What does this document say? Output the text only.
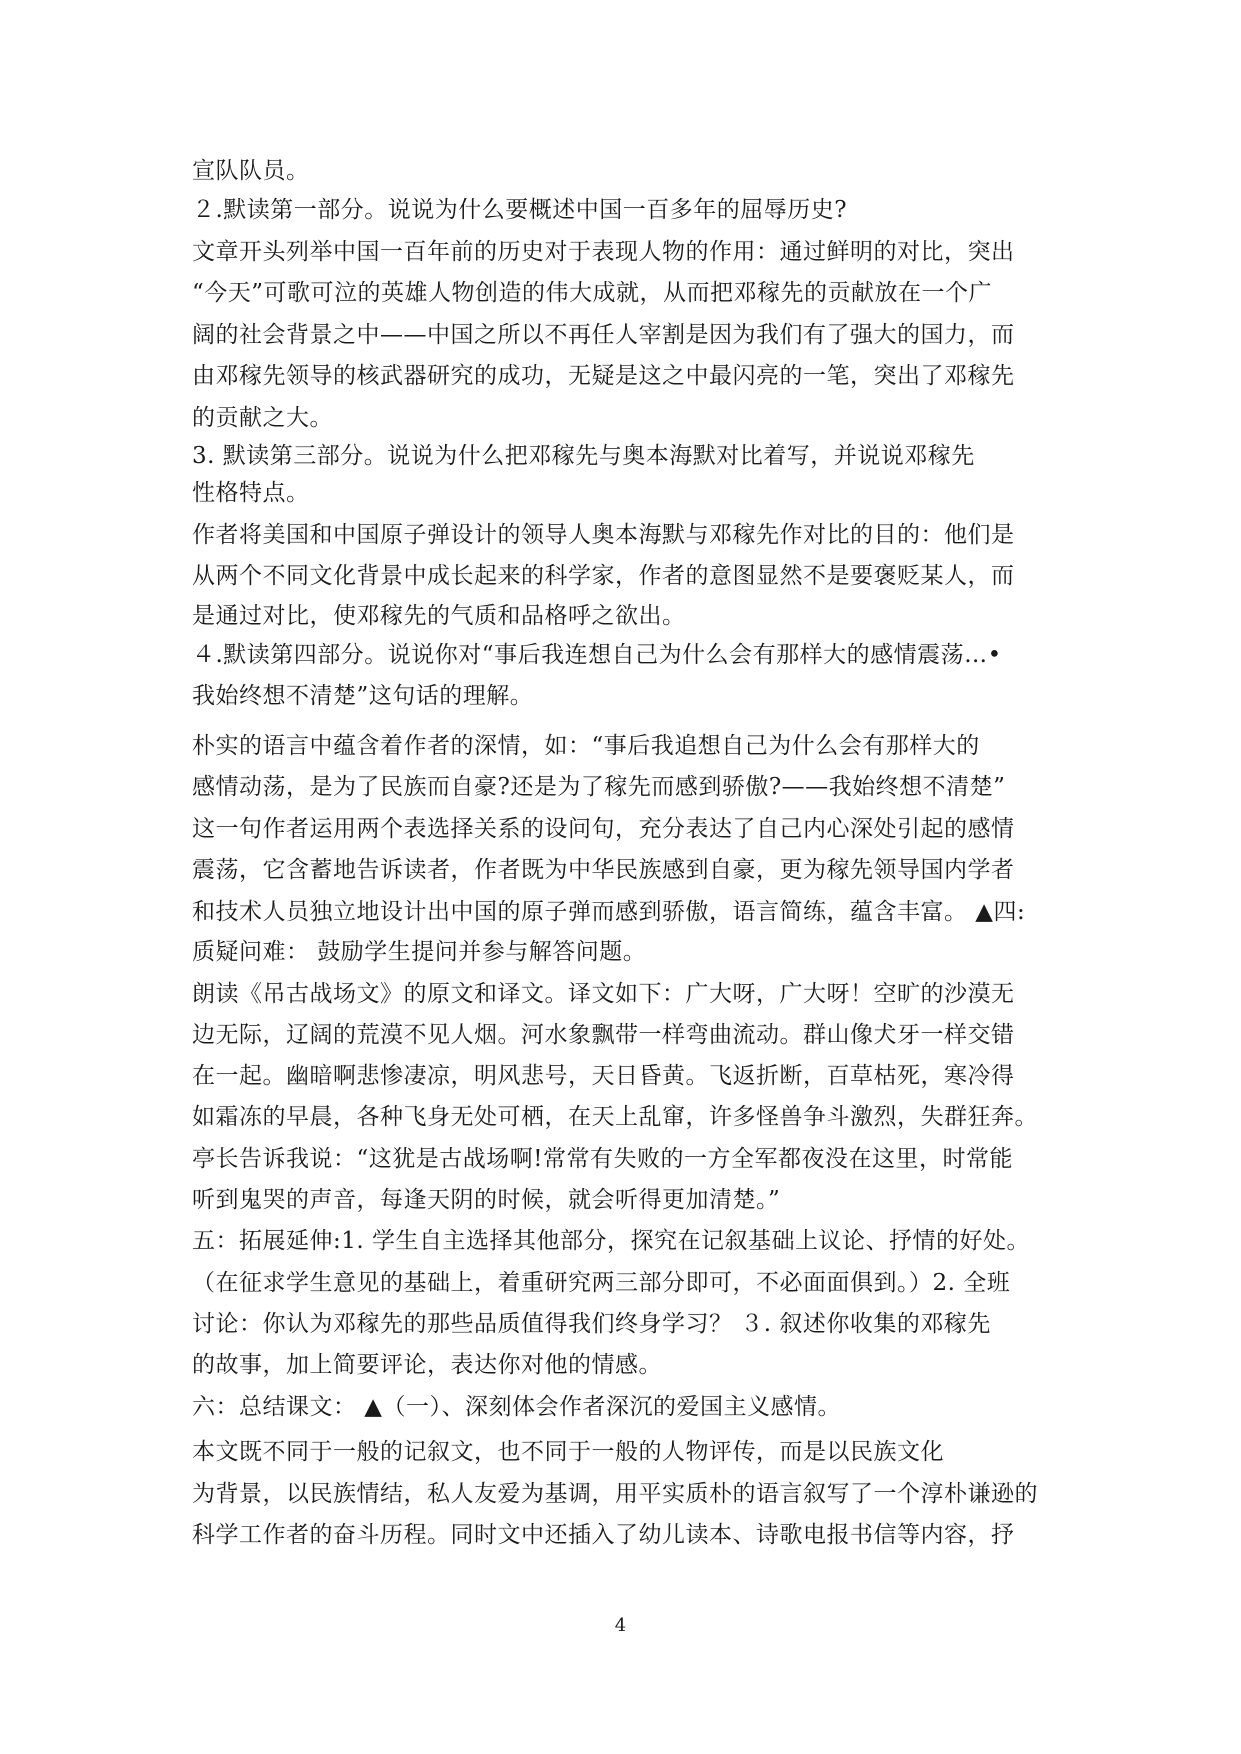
宣队队员。
２.默读第一部分。说说为什么要概述中国一百多年的屈辱历史?
文章开头列举中国一百年前的历史对于表现人物的作用：通过鲜明的对比，突出
“今天”可歌可泣的英雄人物创造的伟大成就，从而把邓稼先的贡献放在一个广
阔的社会背景之中——中国之所以不再任人宰割是因为我们有了强大的国力，而
由邓稼先领导的核武器研究的成功，无疑是这之中最闪亮的一笔，突出了邓稼先
的贡献之大。
3. 默读第三部分。说说为什么把邓稼先与奥本海默对比着写，并说说邓稼先
性格特点。
作者将美国和中国原子弹设计的领导人奥本海默与邓稼先作对比的目的：他们是
从两个不同文化背景中成长起来的科学家，作者的意图显然不是要褒贬某人，而
是通过对比，使邓稼先的气质和品格呼之欲出。
４.默读第四部分。说说你对“事后我连想自己为什么会有那样大的感情震荡…•
我始终想不清楚”这句话的理解。
朴实的语言中蕴含着作者的深情，如：“事后我追想自己为什么会有那样大的
感情动荡，是为了民族而自豪?还是为了稼先而感到骄傲?——我始终想不清楚”
这一句作者运用两个表选择关系的设问句，充分表达了自己内心深处引起的感情
震荡，它含蓄地告诉读者，作者既为中华民族感到自豪，更为稼先领导国内学者
和技术人员独立地设计出中国的原子弹而感到骄傲，语言简练，蕴含丰富。 ▲四:
质疑问难： 鼓励学生提问并参与解答问题。
朗读《吊古战场文》的原文和译文。译文如下：广大呀，广大呀！空旷的沙漠无
边无际，辽阔的荒漠不见人烟。河水象飘带一样弯曲流动。群山像犬牙一样交错
在一起。幽暗啊悲惨凄凉，明风悲号，天日昏黄。飞返折断，百草枯死，寒冷得
如霜冻的早晨，各种飞身无处可栖，在天上乱窜，许多怪兽争斗激烈，失群狂奔。
亭长告诉我说：“这犹是古战场啊!常常有失败的一方全军都夜没在这里，时常能
听到鬼哭的声音，每逢天阴的时候，就会听得更加清楚。”
五：拓展延伸:1. 学生自主选择其他部分，探究在记叙基础上议论、抒情的好处。
（在征求学生意见的基础上，着重研究两三部分即可，不必面面俱到。）2. 全班
讨论：你认为邓稼先的那些品质值得我们终身学习？ ３. 叙述你收集的邓稼先
的故事，加上简要评论，表达你对他的情感。
六：总结课文： ▲（一）、深刻体会作者深沉的爱国主义感情。
本文既不同于一般的记叙文，也不同于一般的人物评传，而是以民族文化
为背景，以民族情结，私人友爱为基调，用平实质朴的语言叙写了一个淳朴谦逊的
科学工作者的奋斗历程。同时文中还插入了幼儿读本、诗歌电报书信等内容，抒
4
